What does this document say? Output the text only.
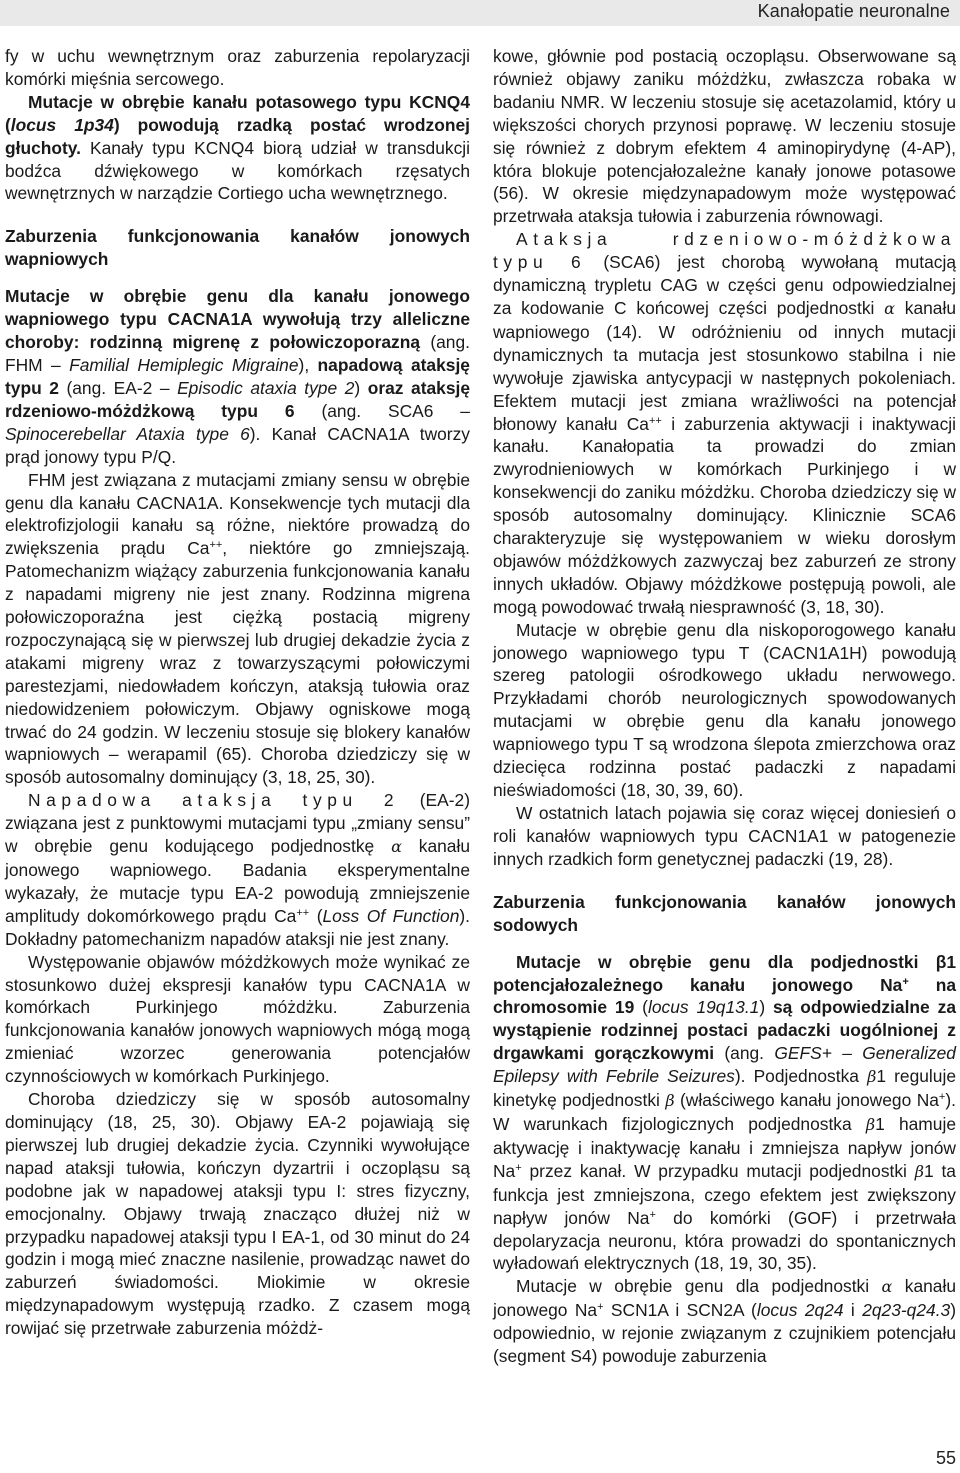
Kanałopatie neuronalne

fy w uchu wewnętrznym oraz zaburzenia repolaryzacji komórki mięśnia sercowego.

Mutacje w obrębie kanału potasowego typu KCNQ4 (locus 1p34) powodują rzadką postać wrodzonej głuchoty. Kanały typu KCNQ4 biorą udział w transdukcji bodźca dźwiękowego w komórkach rzęsatych wewnętrznych w narządzie Cortiego ucha wewnętrznego.

Zaburzenia funkcjonowania kanałów jonowych wapniowych

Mutacje w obrębie genu dla kanału jonowego wapniowego typu CACNA1A wywołują trzy alleliczne choroby: rodzinną migrenę z połowiczoporazną (ang. FHM – Familial Hemiplegic Migraine), napadową ataksję typu 2 (ang. EA-2 – Episodic ataxia type 2) oraz ataksję rdzeniowo-móżdżkową typu 6 (ang. SCA6 – Spinocerebellar Ataxia type 6). Kanał CACNA1A tworzy prąd jonowy typu P/Q.

FHM jest związana z mutacjami zmiany sensu w obrębie genu dla kanału CACNA1A. Konsekwencje tych mutacji dla elektrofizjologii kanału są różne, niektóre prowadzą do zwiększenia prądu Ca++, niektóre go zmniejszają. Patomechanizm wiążący zaburzenia funkcjonowania kanału z napadami migreny nie jest znany. Rodzinna migrena połowiczoporaźna jest ciężką postacią migreny rozpoczynającą się w pierwszej lub drugiej dekadzie życia z atakami migreny wraz z towarzyszącymi połowiczymi parestezjami, niedowładem kończyn, ataksją tułowia oraz niedowidzeniem połowiczym. Objawy ogniskowe mogą trwać do 24 godzin. W leczeniu stosuje się blokery kanałów wapniowych – werapamil (65). Choroba dziedziczy się w sposób autosomalny dominujący (3, 18, 25, 30).

Napadowa ataksja typu 2 (EA-2) związana jest z punktowymi mutacjami typu „zmiany sensu” w obrębie genu kodującego podjednostkę α kanału jonowego wapniowego. Badania eksperymentalne wykazały, że mutacje typu EA-2 powodują zmniejszenie amplitudy dokomórkowego prądu Ca++ (Loss Of Function). Dokładny patomechanizm napadów ataksji nie jest znany.

Występowanie objawów móżdżkowych może wynikać ze stosunkowo dużej ekspresji kanałów typu CACNA1A w komórkach Purkinjego móżdżku. Zaburzenia funkcjonowania kanałów jonowych wapniowych mógą mogą zmieniać wzorzec generowania potencjałów czynnościowych w komórkach Purkinjego.

Choroba dziedziczy się w sposób autosomalny dominujący (18, 25, 30). Objawy EA-2 pojawiają się pierwszej lub drugiej dekadzie życia. Czynniki wywołujące napad ataksji tułowia, kończyn dyzartrii i oczopląsu są podobne jak w napadowej ataksji typu I: stres fizyczny, emocjonalny. Objawy trwają znacząco dłużej niż w przypadku napadowej ataksji typu I EA-1, od 30 minut do 24 godzin i mogą mieć znaczne nasilenie, prowadząc nawet do zaburzeń świadomości. Miokimie w okresie międzynapadowym występują rzadko. Z czasem mogą rowijać się przetrwałe zaburzenia móżdż-

kowe, głównie pod postacią oczopląsu. Obserwowane są również objawy zaniku móżdżku, zwłaszcza robaka w badaniu NMR. W leczeniu stosuje się acetazolamid, który u większości chorych przynosi poprawę. W leczeniu stosuje się również z dobrym efektem 4 aminopirydynę (4-AP), która blokuje potencjałozależne kanały jonowe potasowe (56). W okresie międzynapadowym może występować przetrwała ataksja tułowia i zaburzenia równowagi.

Ataksja rdzeniowo-móżdżkowa typu 6 (SCA6) jest chorobą wywołaną mutacją dynamiczną trypletu CAG w części genu odpowiedzialnej za kodowanie C końcowej części podjednostki α kanału wapniowego (14). W odróżnieniu od innych mutacji dynamicznych ta mutacja jest stosunkowo stabilna i nie wywołuje zjawiska antycypacji w następnych pokoleniach. Efektem mutacji jest zmiana wrażliwości na potencjał błonowy kanału Ca++ i zaburzenia aktywacji i inaktywacji kanału. Kanałopatia ta prowadzi do zmian zwyrodnieniowych w komórkach Purkinjego i w konsekwencji do zaniku móżdżku. Choroba dziedziczy się w sposób autosomalny dominujący. Klinicznie SCA6 charakteryzuje się występowaniem w wieku dorosłym objawów móżdżkowych zazwyczaj bez zaburzeń ze strony innych układów. Objawy móżdżkowe postępują powoli, ale mogą powodować trwałą niesprawność (3, 18, 30).

Mutacje w obrębie genu dla niskoporogowego kanału jonowego wapniowego typu T (CACN1A1H) powodują szereg patologii ośrodkowego układu nerwowego. Przykładami chorób neurologicznych spowodowanych mutacjami w obrębie genu dla kanału jonowego wapniowego typu T są wrodzona ślepota zmierzchowa oraz dziecięca rodzinna postać padaczki z napadami nieświadomości (18, 30, 39, 60).

W ostatnich latach pojawia się coraz więcej doniesień o roli kanałów wapniowych typu CACN1A1 w patogenezie innych rzadkich form genetycznej padaczki (19, 28).

Zaburzenia funkcjonowania kanałów jonowych sodowych

Mutacje w obrębie genu dla podjednostki β1 potencjałozależnego kanału jonowego Na+ na chromosomie 19 (locus 19q13.1) są odpowiedzialne za wystąpienie rodzinnej postaci padaczki uogólnionej z drgawkami gorączkowymi (ang. GEFS+ – Generalized Epilepsy with Febrile Seizures). Podjednostka β1 reguluje kinetykę podjednostki β (właściwego kanału jonowego Na+). W warunkach fizjologicznych podjednostka β1 hamuje aktywację i inaktywację kanału i zmniejsza napływ jonów Na+ przez kanał. W przypadku mutacji podjednostki β1 ta funkcja jest zmniejszona, czego efektem jest zwiększony napływ jonów Na+ do komórki (GOF) i przetrwała depolaryzacja neuronu, która prowadzi do spontanicznych wyładowań elektrycznych (18, 19, 30, 35).

Mutacje w obrębie genu dla podjednostki α kanału jonowego Na+ SCN1A i SCN2A (locus 2q24 i 2q23-q24.3) odpowiednio, w rejonie związanym z czujnikiem potencjału (segment S4) powoduje zaburzenia

55
